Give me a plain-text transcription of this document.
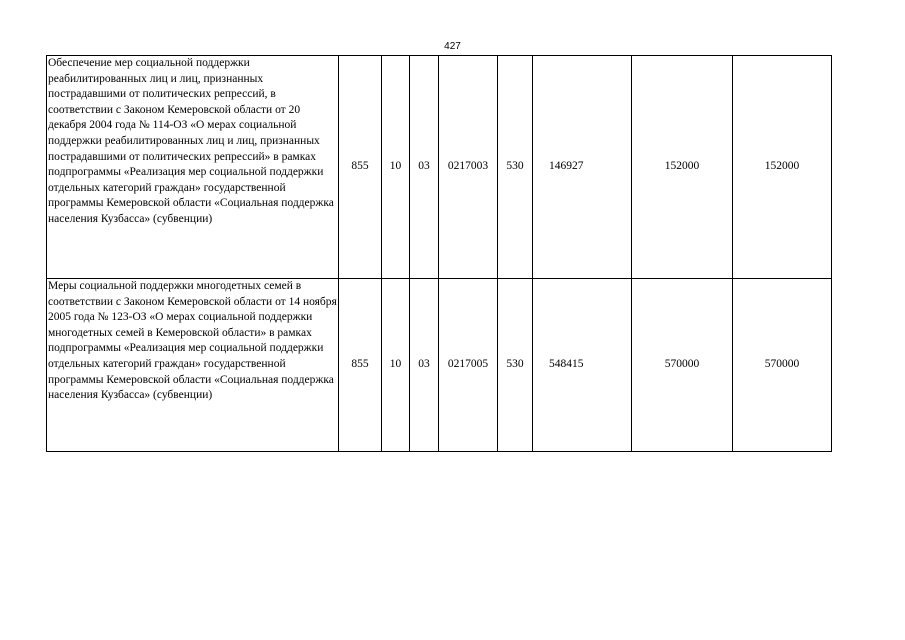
427
Обеспечение мер социальной поддержки реабилитированных лиц и лиц, признанных пострадавшими от политических репрессий, в соответствии с Законом Кемеровской области от 20 декабря 2004 года № 114-ОЗ «О мерах социальной поддержки реабилитированных лиц и лиц, признанных пострадавшими от политических репрессий» в рамках подпрограммы «Реализация мер социальной поддержки отдельных категорий граждан» государственной программы Кемеровской области «Социальная поддержка населения Кузбасса» (субвенции)	855	10	03	0217003	530	146927	152000	152000
Меры социальной поддержки многодетных семей в соответствии с Законом Кемеровской области от 14 ноября 2005 года № 123-ОЗ «О мерах социальной поддержки многодетных семей в Кемеровской области» в рамках подпрограммы «Реализация мер социальной поддержки отдельных категорий граждан» государственной программы Кемеровской области «Социальная поддержка населения Кузбасса» (субвенции)	855	10	03	0217005	530	548415	570000	570000
